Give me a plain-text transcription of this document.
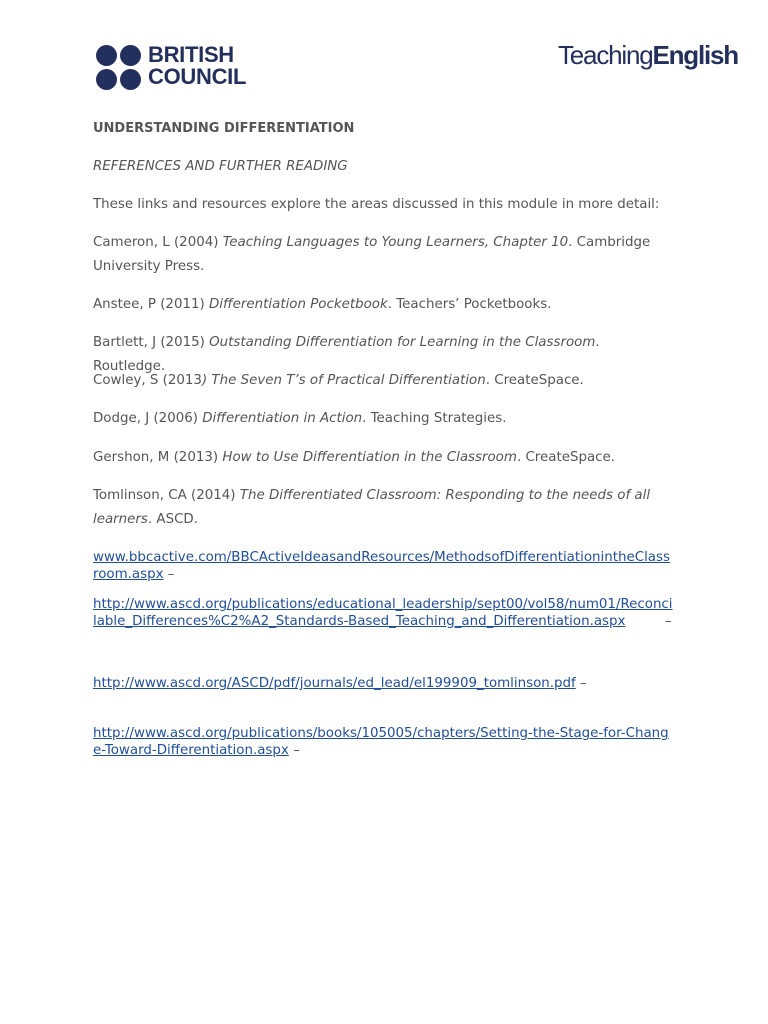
BRITISH
COUNCIL
TeachingEnglish
UNDERSTANDING DIFFERENTIATION
REFERENCES AND FURTHER READING
These links and resources explore the areas discussed in this module in more detail:
Cameron, L (2004) Teaching Languages to Young Learners, Chapter 10. Cambridge University Press.
Anstee, P (2011) Differentiation Pocketbook. Teachers’ Pocketbooks.
Bartlett, J (2015) Outstanding Differentiation for Learning in the Classroom. Routledge.
Cowley, S (2013) The Seven T’s of Practical Differentiation. CreateSpace.
Dodge, J (2006) Differentiation in Action. Teaching Strategies.
Gershon, M (2013) How to Use Differentiation in the Classroom. CreateSpace.
Tomlinson, CA (2014) The Differentiated Classroom: Responding to the needs of all learners. ASCD.
www.bbcactive.com/BBCActiveIdeasandResources/MethodsofDifferentiationintheClassroom.aspx –
http://www.ascd.org/publications/educational_leadership/sept00/vol58/num01/Reconcilable_Differences%C2%A2_Standards-Based_Teaching_and_Differentiation.aspx	–
http://www.ascd.org/ASCD/pdf/journals/ed_lead/el199909_tomlinson.pdf –
http://www.ascd.org/publications/books/105005/chapters/Setting-the-Stage-for-Change-Toward-Differentiation.aspx –
